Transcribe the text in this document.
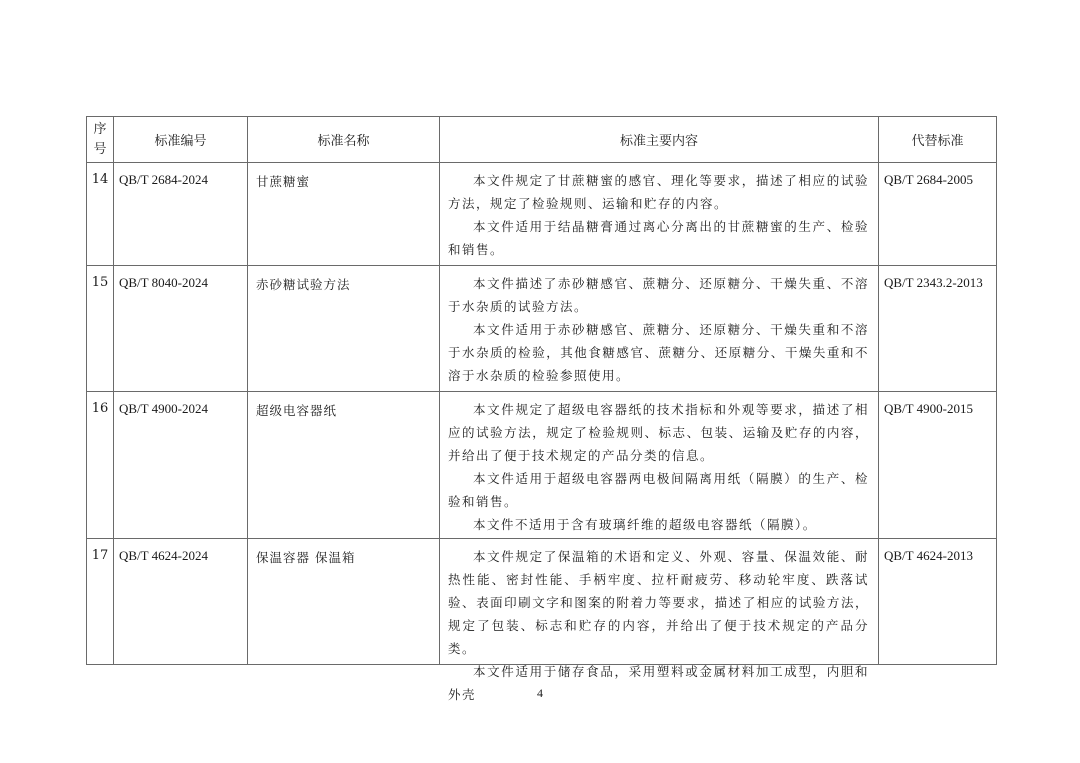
序
号	标准编号	标准名称	标准主要内容	代替标准
14	QB/T 2684-2024	甘蔗糖蜜	本文件规定了甘蔗糖蜜的感官、理化等要求，描述了相应的试验方法，规定了检验规则、运输和贮存的内容。

本文件适用于结晶糖膏通过离心分离出的甘蔗糖蜜的生产、检验和销售。	QB/T 2684-2005
15	QB/T 8040-2024	赤砂糖试验方法	本文件描述了赤砂糖感官、蔗糖分、还原糖分、干燥失重、不溶于水杂质的试验方法。

本文件适用于赤砂糖感官、蔗糖分、还原糖分、干燥失重和不溶于水杂质的检验，其他食糖感官、蔗糖分、还原糖分、干燥失重和不溶于水杂质的检验参照使用。	QB/T 2343.2-2013
16	QB/T 4900-2024	超级电容器纸	本文件规定了超级电容器纸的技术指标和外观等要求，描述了相应的试验方法，规定了检验规则、标志、包装、运输及贮存的内容，并给出了便于技术规定的产品分类的信息。

本文件适用于超级电容器两电极间隔离用纸（隔膜）的生产、检验和销售。

本文件不适用于含有玻璃纤维的超级电容器纸（隔膜）。	QB/T 4900-2015
17	QB/T 4624-2024	保温容器 保温箱	本文件规定了保温箱的术语和定义、外观、容量、保温效能、耐热性能、密封性能、手柄牢度、拉杆耐疲劳、移动轮牢度、跌落试验、表面印刷文字和图案的附着力等要求，描述了相应的试验方法，规定了包装、标志和贮存的内容，并给出了便于技术规定的产品分类。

本文件适用于储存食品，采用塑料或金属材料加工成型，内胆和外壳	QB/T 4624-2013
4
